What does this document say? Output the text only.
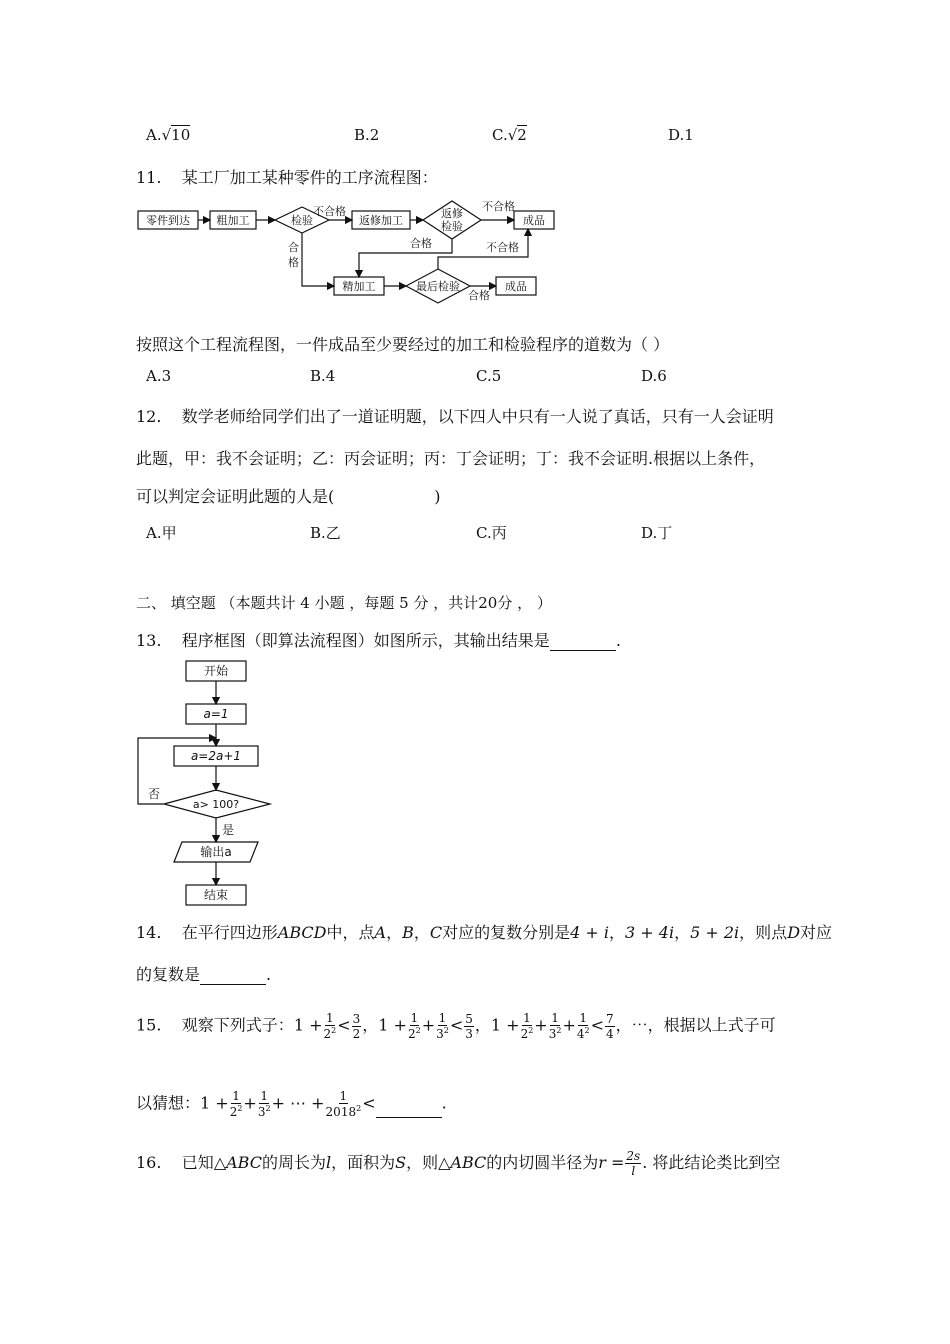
A.√10	B.2	C.√2	D.1
11. 某工厂加工某种零件的工序流程图：
零件到达 粗加工	检验	返修加工
返修
检验	成品
精加工	最后检验	成品
不合格	不合格
不合格
合
格
合格
合格
按照这个工程流程图，一件成品至少要经过的加工和检验程序的道数为（ ）
A.3	B.4	C.5	D.6
12. 数学老师给同学们出了一道证明题，以下四人中只有一人说了真话，只有一人会证明
此题，甲：我不会证明；乙：丙会证明；丙：丁会证明；丁：我不会证明.根据以上条件，
可以判定会证明此题的人是(	)
A.甲	B.乙	C.丙	D.丁
二、 填空题 （本题共计 4 小题 ，每题 5 分 ，共计20分 ， ）
13. 程序框图（即算法流程图）如图所示，其输出结果是	.
开始
a=1
a=2a+1
a> 100?
输出a
结束
否
是
14. 在平行四边形ABCD中，点A，B，C对应的复数分别是4 + i，3 + 4i，5 + 2i，则点D对应
的复数是	.
15. 观察下列式子：$1 + \frac{1}{2^2} < \frac{3}{2}$ ，$1 + \frac{1}{2^2} + \frac{1}{3^2} < \frac{5}{3}$ ，$1 + \frac{1}{2^2} + \frac{1}{3^2} + \frac{1}{4^2} < \frac{7}{4}$ ，⋯，根据以上式子可
以猜想：$1 + \frac{1}{2^2} + \frac{1}{3^2}$ + ⋯ + $\frac{1}{2018^2}$ <	.
16. 已知△ABC的周长为l，面积为S，则△ABC的内切圆半径为$r = \frac{2s}{l}$ . 将此结论类比到空
